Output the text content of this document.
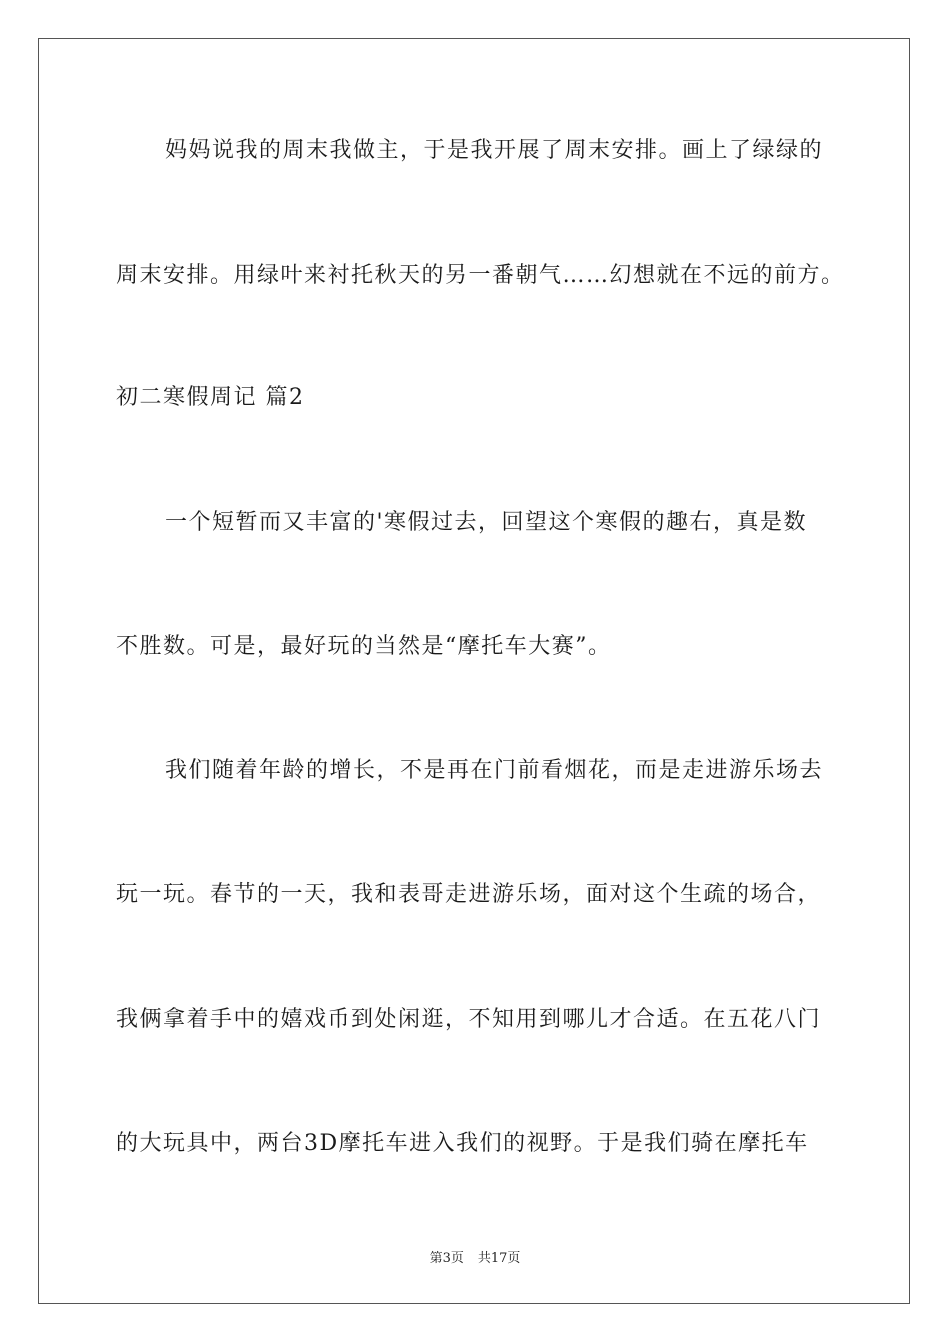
妈妈说我的周末我做主，于是我开展了周末安排。画上了绿绿的
周末安排。用绿叶来衬托秋天的另一番朝气……幻想就在不远的前方。
初二寒假周记 篇2
一个短暂而又丰富的'寒假过去，回望这个寒假的趣右，真是数
不胜数。可是，最好玩的当然是“摩托车大赛”。
我们随着年龄的增长，不是再在门前看烟花，而是走进游乐场去
玩一玩。春节的一天，我和表哥走进游乐场，面对这个生疏的场合，
我俩拿着手中的嬉戏币到处闲逛，不知用到哪儿才合适。在五花八门
的大玩具中，两台3D摩托车进入我们的视野。于是我们骑在摩托车
第3页 共17页
